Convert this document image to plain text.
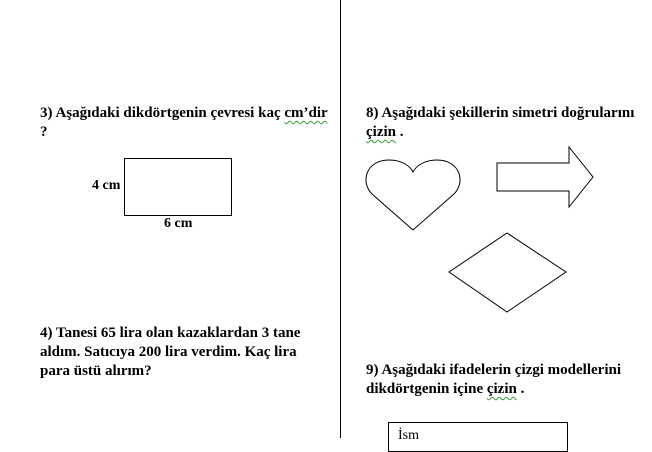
3) Aşağıdaki dikdörtgenin çevresi kaç cm’dir ?

4 cm
6 cm

4) Tanesi 65 lira olan kazaklardan 3 tane aldım. Satıcıya 200 lira verdim. Kaç lira para üstü alırım?

8) Aşağıdaki şekillerin simetri doğrularını çizin .

9) Aşağıdaki ifadelerin çizgi modellerini dikdörtgenin içine çizin .

İsm
